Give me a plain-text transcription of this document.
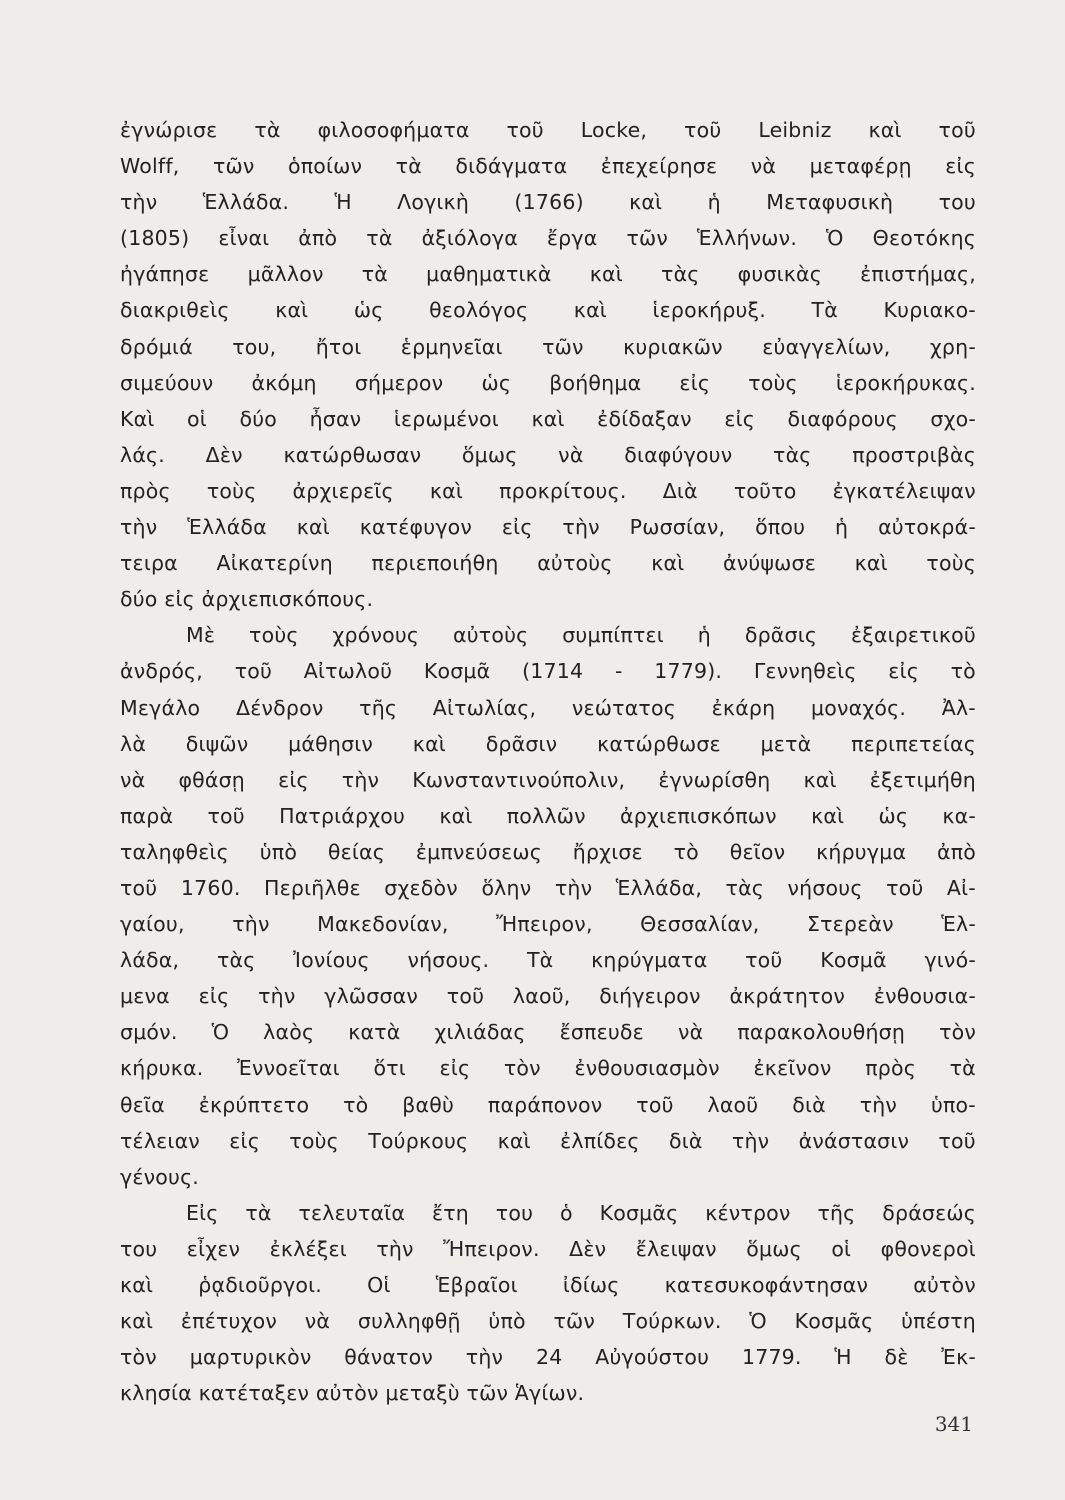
ἐγνώρισε τὰ φιλοσοφήματα τοῦ Locke, τοῦ Leibniz καὶ τοῦ
Wolff, τῶν ὁποίων τὰ διδάγματα ἐπεχείρησε νὰ μεταφέρῃ εἰς
τὴν Ἑλλάδα. Ἡ Λογικὴ (1766) καὶ ἡ Μεταφυσικὴ του
(1805) εἶναι ἀπὸ τὰ ἀξιόλογα ἔργα τῶν Ἑλλήνων. Ὁ Θεοτόκης
ἠγάπησε μᾶλλον τὰ μαθηματικὰ καὶ τὰς φυσικὰς ἐπιστήμας,
διακριθεὶς καὶ ὡς θεολόγος καὶ ἱεροκήρυξ. Τὰ Κυριακο-
δρόμιά του, ἤτοι ἑρμηνεῖαι τῶν κυριακῶν εὐαγγελίων, χρη-
σιμεύουν ἀκόμη σήμερον ὡς βοήθημα εἰς τοὺς ἱεροκήρυκας.
Καὶ οἱ δύο ἦσαν ἱερωμένοι καὶ ἐδίδαξαν εἰς διαφόρους σχο-
λάς. Δὲν κατώρθωσαν ὅμως νὰ διαφύγουν τὰς προστριβὰς
πρὸς τοὺς ἀρχιερεῖς καὶ προκρίτους. Διὰ τοῦτο ἐγκατέλειψαν
τὴν Ἑλλάδα καὶ κατέφυγον εἰς τὴν Ρωσσίαν, ὅπου ἡ αὐτοκρά-
τειρα Αἰκατερίνη περιεποιήθη αὐτοὺς καὶ ἀνύψωσε καὶ τοὺς
δύο εἰς ἀρχιεπισκόπους.
Μὲ τοὺς χρόνους αὐτοὺς συμπίπτει ἡ δρᾶσις ἐξαιρετικοῦ
ἀνδρός, τοῦ Αἰτωλοῦ Κοσμᾶ (1714 - 1779). Γεννηθεὶς εἰς τὸ
Μεγάλο Δένδρον τῆς Αἰτωλίας, νεώτατος ἐκάρη μοναχός. Ἀλ-
λὰ διψῶν μάθησιν καὶ δρᾶσιν κατώρθωσε μετὰ περιπετείας
νὰ φθάσῃ εἰς τὴν Κωνσταντινούπολιν, ἐγνωρίσθη καὶ ἐξετιμήθη
παρὰ τοῦ Πατριάρχου καὶ πολλῶν ἀρχιεπισκόπων καὶ ὡς κα-
ταληφθεὶς ὑπὸ θείας ἐμπνεύσεως ἤρχισε τὸ θεῖον κήρυγμα ἀπὸ
τοῦ 1760. Περιῆλθε σχεδὸν ὅλην τὴν Ἑλλάδα, τὰς νήσους τοῦ Αἰ-
γαίου, τὴν Μακεδονίαν, Ἤπειρον, Θεσσαλίαν, Στερεὰν Ἑλ-
λάδα, τὰς Ἰονίους νήσους. Τὰ κηρύγματα τοῦ Κοσμᾶ γινό-
μενα εἰς τὴν γλῶσσαν τοῦ λαοῦ, διήγειρον ἀκράτητον ἐνθουσια-
σμόν. Ὁ λαὸς κατὰ χιλιάδας ἔσπευδε νὰ παρακολουθήσῃ τὸν
κήρυκα. Ἐννοεῖται ὅτι εἰς τὸν ἐνθουσιασμὸν ἐκεῖνον πρὸς τὰ
θεῖα ἐκρύπτετο τὸ βαθὺ παράπονον τοῦ λαοῦ διὰ τὴν ὑπο-
τέλειαν εἰς τοὺς Τούρκους καὶ ἐλπίδες διὰ τὴν ἀνάστασιν τοῦ
γένους.
Εἰς τὰ τελευταῖα ἔτη του ὁ Κοσμᾶς κέντρον τῆς δράσεώς
του εἶχεν ἐκλέξει τὴν Ἤπειρον. Δὲν ἔλειψαν ὅμως οἱ φθονεροὶ
καὶ ῥᾳδιοῦργοι. Οἱ Ἑβραῖοι ἰδίως κατεσυκοφάντησαν αὐτὸν
καὶ ἐπέτυχον νὰ συλληφθῇ ὑπὸ τῶν Τούρκων. Ὁ Κοσμᾶς ὑπέστη
τὸν μαρτυρικὸν θάνατον τὴν 24 Αὐγούστου 1779. Ἡ δὲ Ἐκ-
κλησία κατέταξεν αὐτὸν μεταξὺ τῶν Ἁγίων.
341
